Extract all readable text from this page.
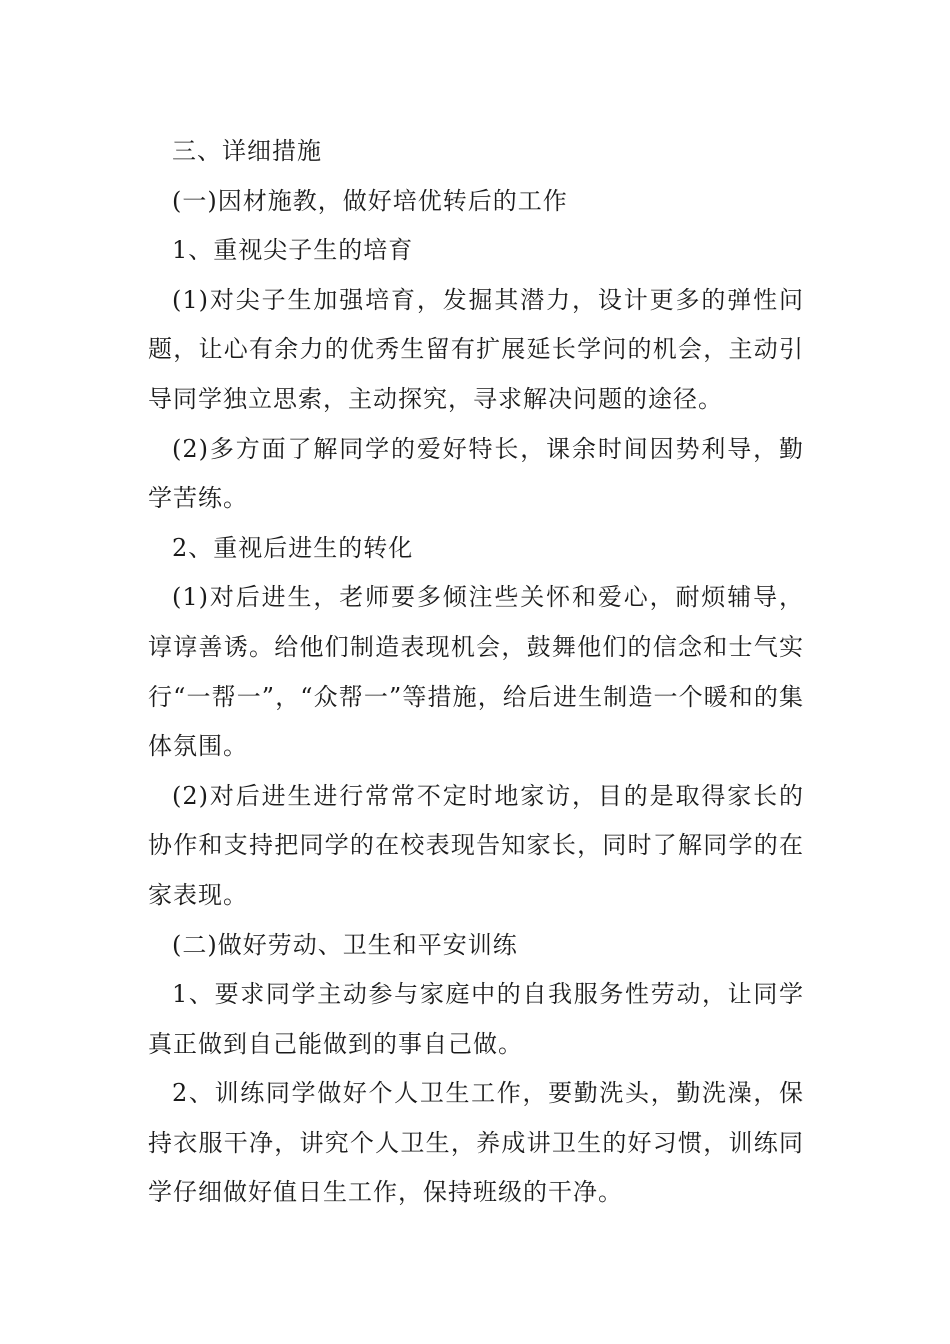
三、详细措施

(一)因材施教，做好培优转后的工作

1、重视尖子生的培育

(1)对尖子生加强培育，发掘其潜力，设计更多的弹性问题，让心有余力的优秀生留有扩展延长学问的机会，主动引导同学独立思索，主动探究，寻求解决问题的途径。

(2)多方面了解同学的爱好特长，课余时间因势利导，勤学苦练。

2、重视后进生的转化

(1)对后进生，老师要多倾注些关怀和爱心，耐烦辅导，谆谆善诱。给他们制造表现机会，鼓舞他们的信念和士气实行“一帮一”，“众帮一”等措施，给后进生制造一个暖和的集体氛围。

(2)对后进生进行常常不定时地家访，目的是取得家长的协作和支持把同学的在校表现告知家长，同时了解同学的在家表现。

(二)做好劳动、卫生和平安训练

1、要求同学主动参与家庭中的自我服务性劳动，让同学真正做到自己能做到的事自己做。

2、训练同学做好个人卫生工作，要勤洗头，勤洗澡，保持衣服干净，讲究个人卫生，养成讲卫生的好习惯，训练同学仔细做好值日生工作，保持班级的干净。
